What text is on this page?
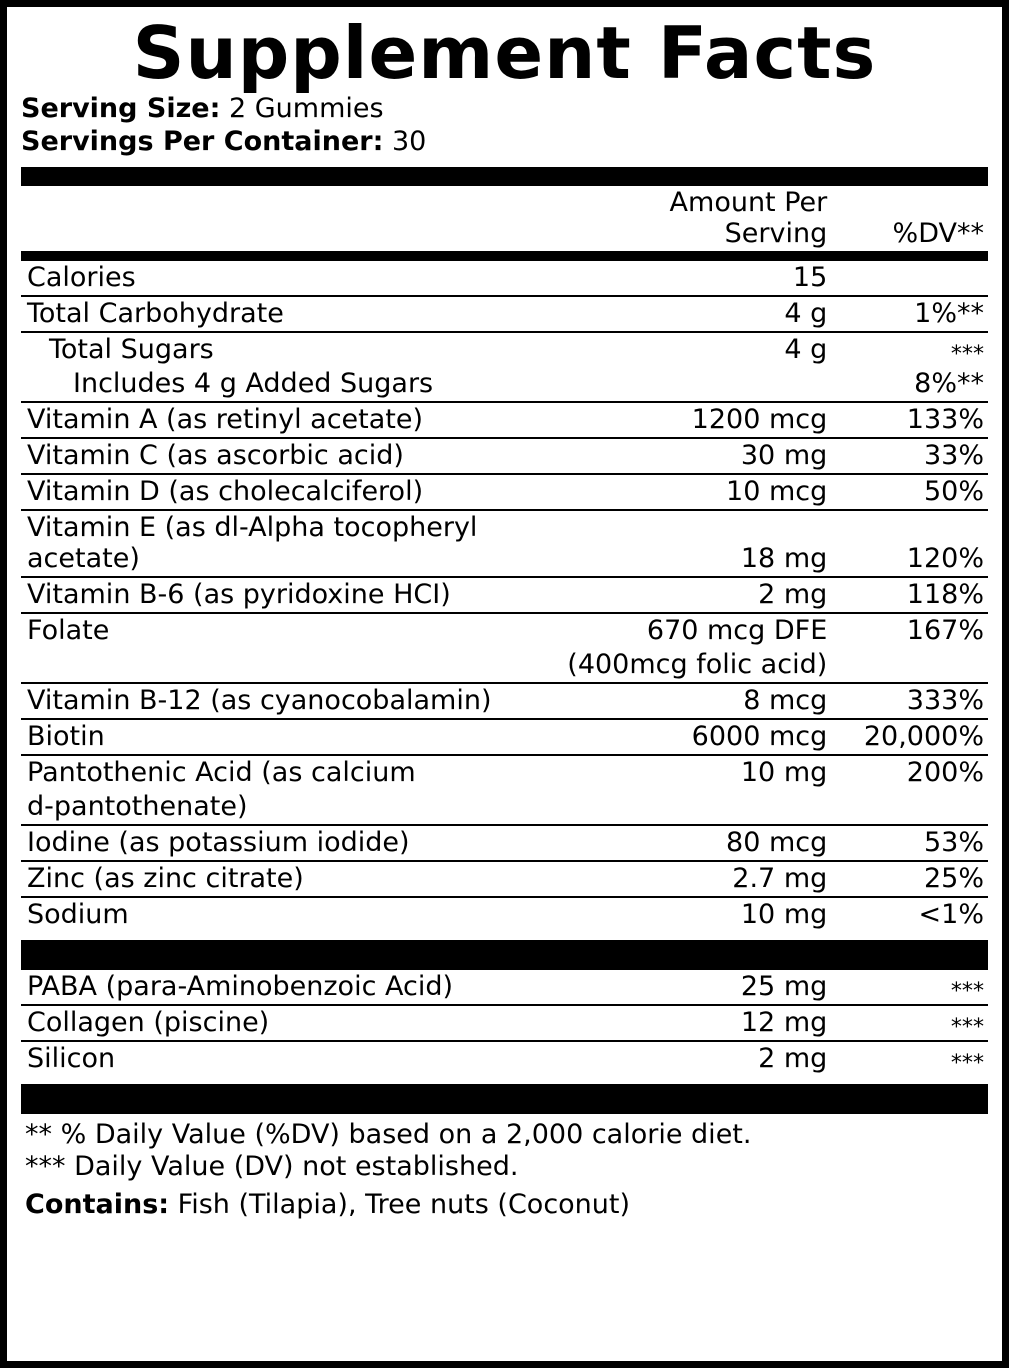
Supplement Facts
Serving Size: 2 Gummies
Servings Per Container: 30
	Amount Per Serving	%DV**
Calories	15	
Total Carbohydrate	4 g	1%**
Total Sugars	4 g	***
Includes 4 g Added Sugars		8%**
Vitamin A (as retinyl acetate)	1200 mcg	133%
Vitamin C (as ascorbic acid)	30 mg	33%
Vitamin D (as cholecalciferol)	10 mcg	50%
Vitamin E (as dl-Alpha tocopheryl acetate)	18 mg	120%
Vitamin B-6 (as pyridoxine HCI)	2 mg	118%
Folate	670 mcg DFE	167%
	(400mcg folic acid)	
Vitamin B-12 (as cyanocobalamin)	8 mcg	333%
Biotin	6000 mcg	20,000%
Pantothenic Acid (as calcium	10 mg	200%
d-pantothenate)		
Iodine (as potassium iodide)	80 mcg	53%
Zinc (as zinc citrate)	2.7 mg	25%
Sodium	10 mg	<1%
PABA (para-Aminobenzoic Acid)	25 mg	***
Collagen (piscine)	12 mg	***
Silicon	2 mg	***
** % Daily Value (%DV) based on a 2,000 calorie diet.
*** Daily Value (DV) not established.
Contains: Fish (Tilapia), Tree nuts (Coconut)
